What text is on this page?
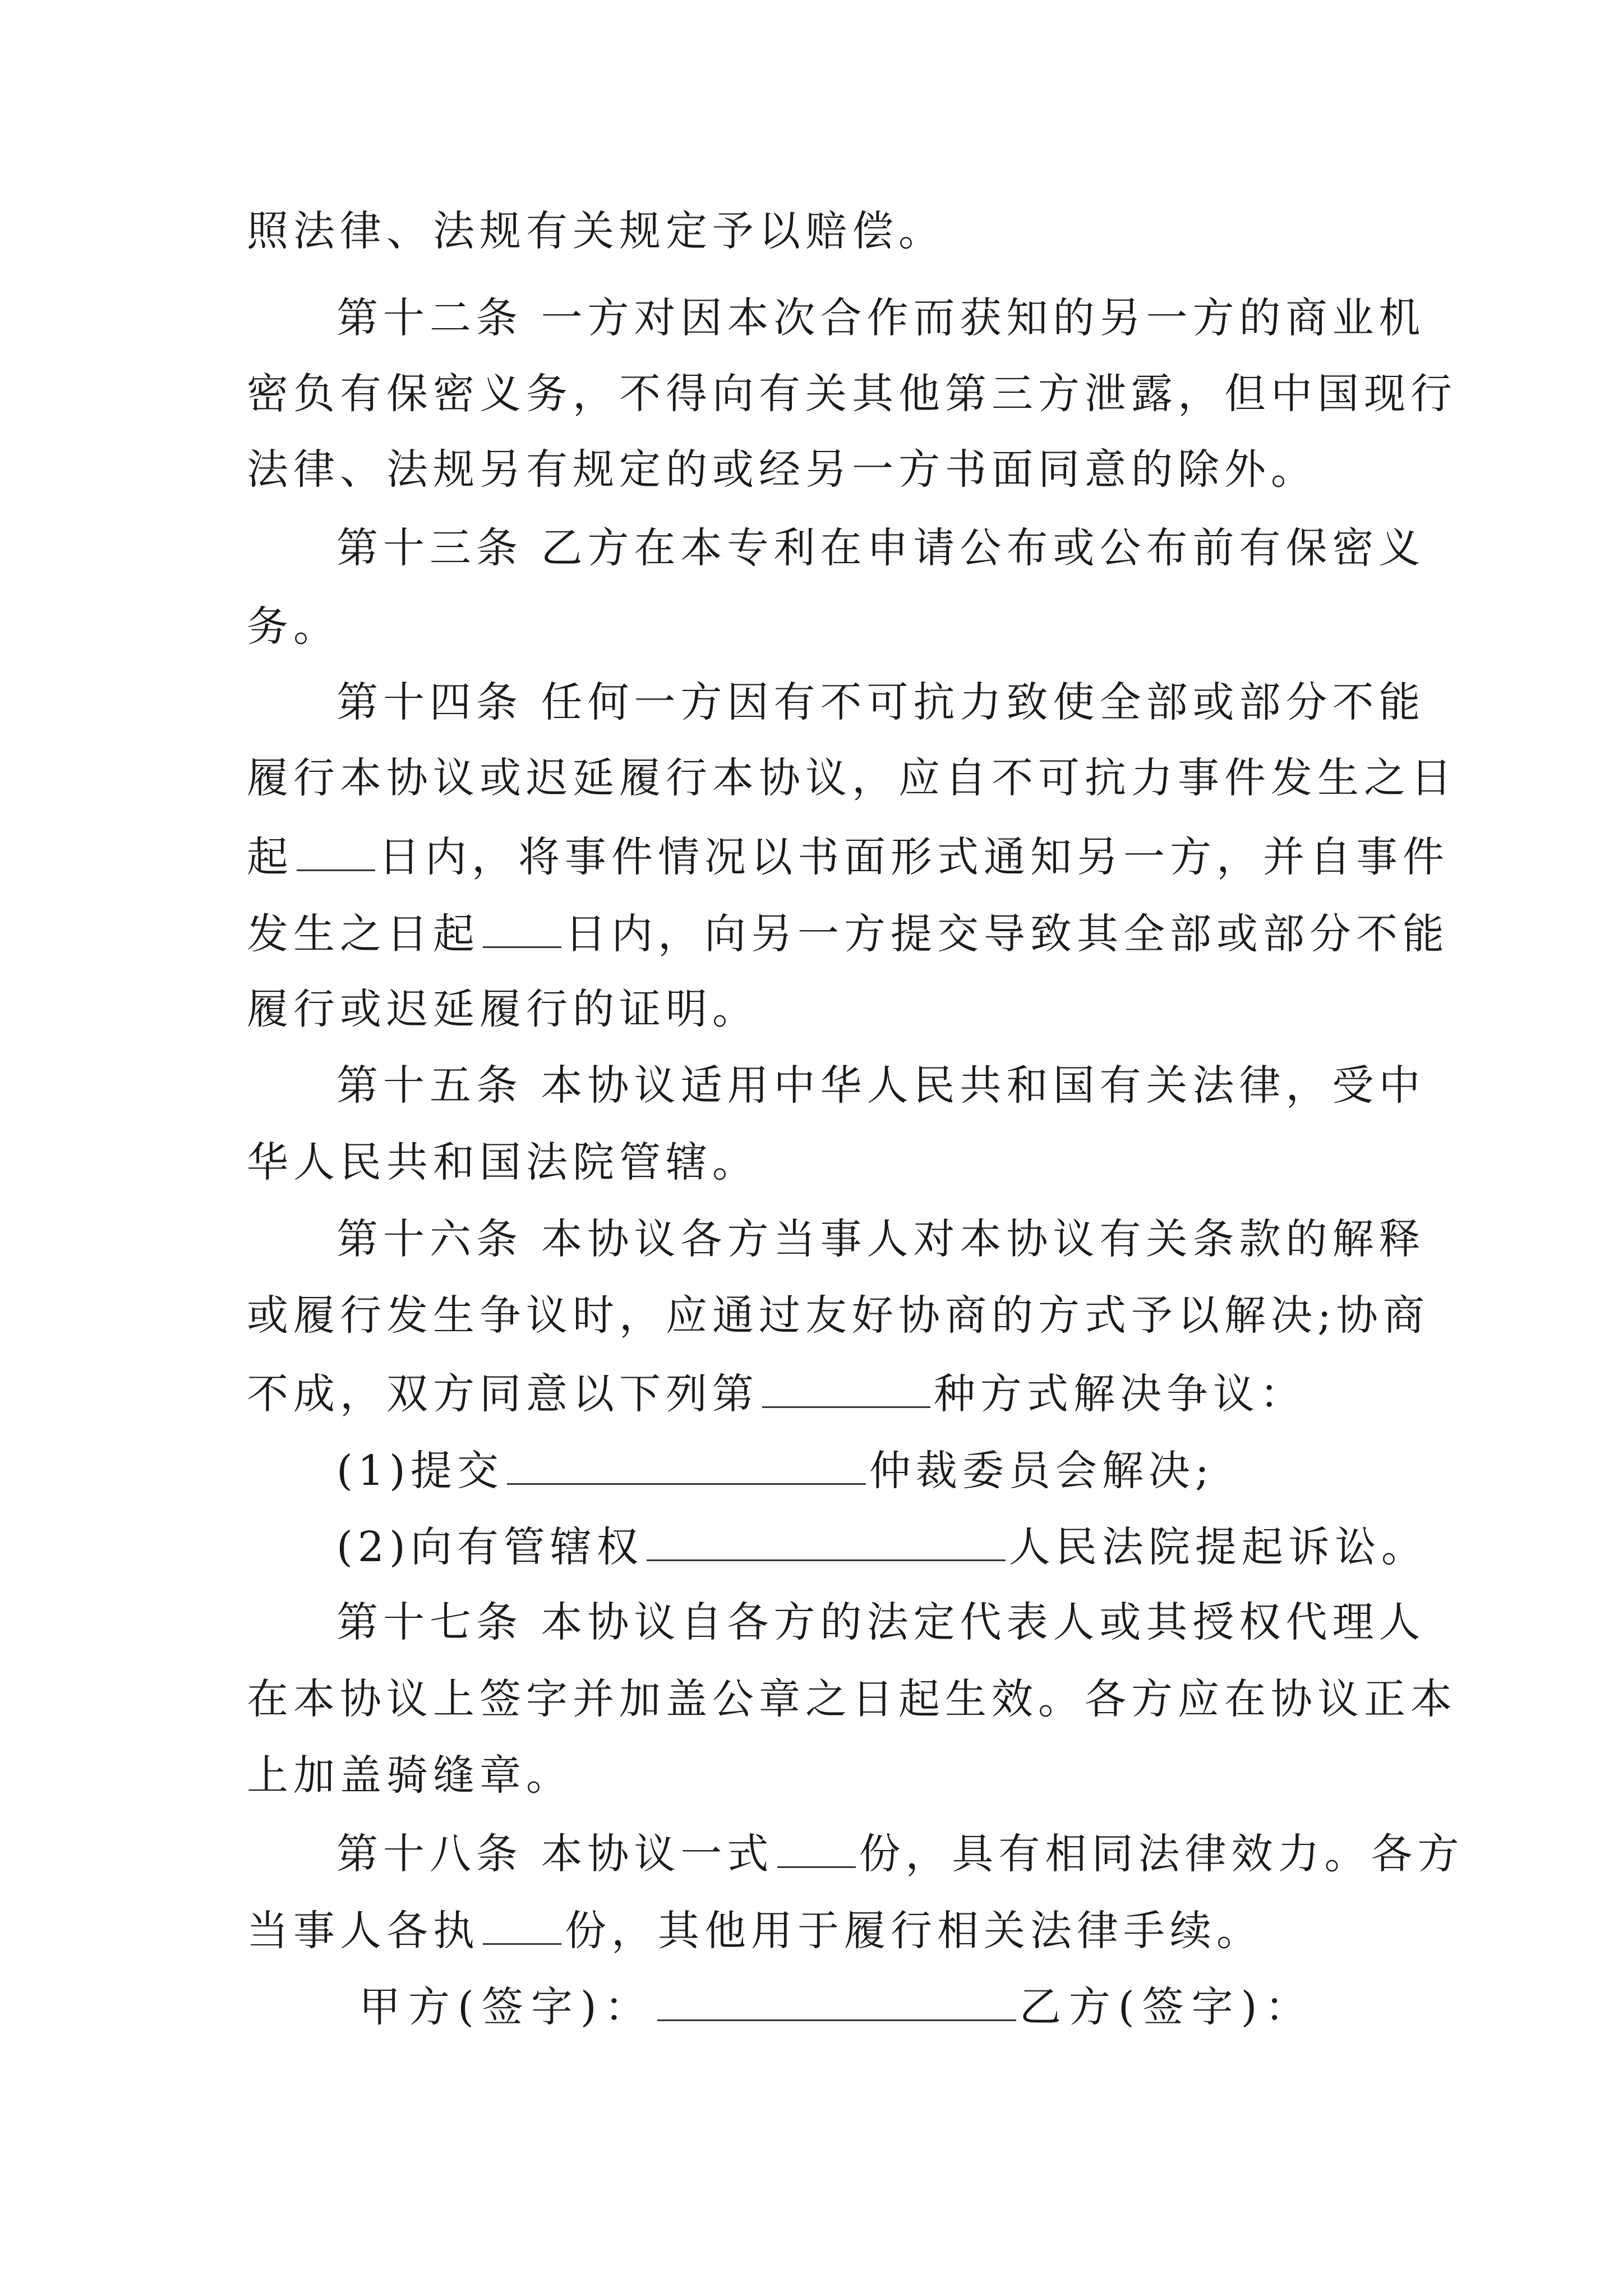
照法律、法规有关规定予以赔偿。
第十二条 一方对因本次合作而获知的另一方的商业机
密负有保密义务，不得向有关其他第三方泄露，但中国现行
法律、法规另有规定的或经另一方书面同意的除外。
第十三条 乙方在本专利在申请公布或公布前有保密义
务。
第十四条 任何一方因有不可抗力致使全部或部分不能
履行本协议或迟延履行本协议，应自不可抗力事件发生之日
起 日内，将事件情况以书面形式通知另一方，并自事件
发生之日起 日内，向另一方提交导致其全部或部分不能
履行或迟延履行的证明。
第十五条 本协议适用中华人民共和国有关法律，受中
华人民共和国法院管辖。
第十六条 本协议各方当事人对本协议有关条款的解释
或履行发生争议时，应通过友好协商的方式予以解决;协商
不成，双方同意以下列第	种方式解决争议：
(1)提交	仲裁委员会解决;
(2)向有管辖权	人民法院提起诉讼。
第十七条 本协议自各方的法定代表人或其授权代理人
在本协议上签字并加盖公章之日起生效。各方应在协议正本
上加盖骑缝章。
第十八条 本协议一式 份，具有相同法律效力。各方
当事人各执 份，其他用于履行相关法律手续。
甲方(签字)：	乙方(签字)：
